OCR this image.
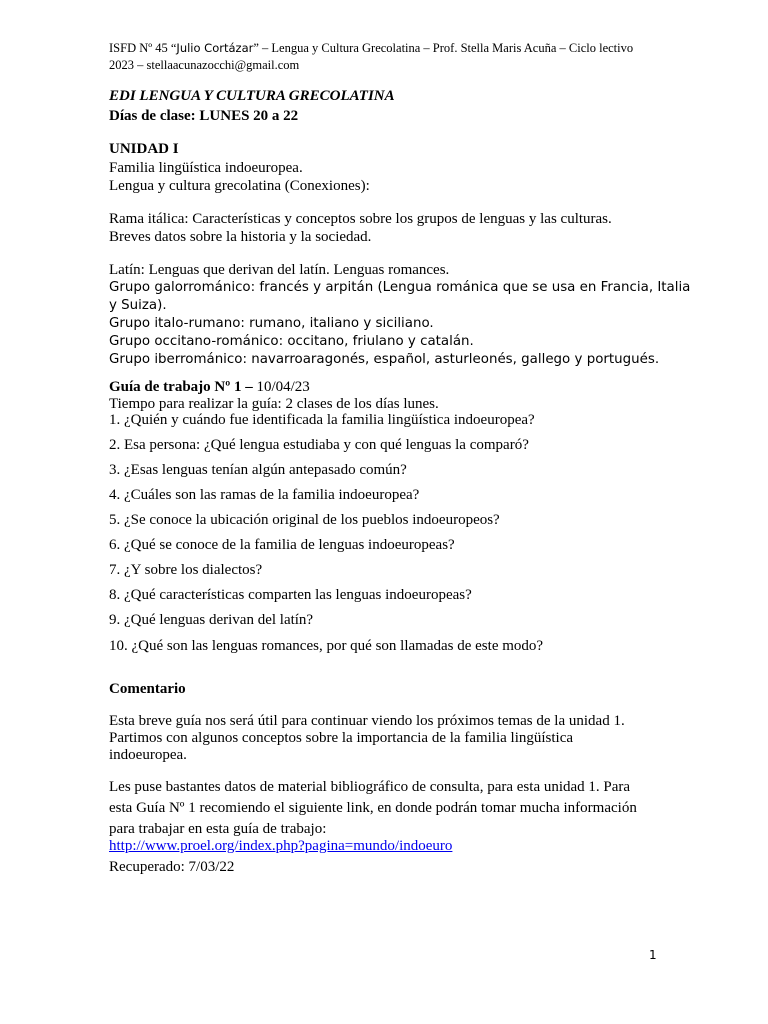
ISFD Nº 45 “Julio Cortázar” – Lengua y Cultura Grecolatina – Prof. Stella Maris Acuña – Ciclo lectivo
2023 – stellaacunazocchi@gmail.com
EDI LENGUA Y CULTURA GRECOLATINA
Días de clase: LUNES 20 a 22
UNIDAD I
Familia lingüística indoeuropea.
Lengua y cultura grecolatina (Conexiones):
Rama itálica: Características y conceptos sobre los grupos de lenguas y las culturas.
Breves datos sobre la historia y la sociedad.
Latín: Lenguas que derivan del latín. Lenguas romances.
Grupo galorrománico: francés y arpitán (Lengua románica que se usa en Francia, Italia
y Suiza).
Grupo italo-rumano: rumano, italiano y siciliano.
Grupo occitano-románico: occitano, friulano y catalán.
Grupo iberrománico: navarroaragonés, español, asturleonés, gallego y portugués.
Guía de trabajo Nº 1 – 10/04/23
Tiempo para realizar la guía: 2 clases de los días lunes.
1. ¿Quién y cuándo fue identificada la familia lingüística indoeuropea?
2. Esa persona: ¿Qué lengua estudiaba y con qué lenguas la comparó?
3. ¿Esas lenguas tenían algún antepasado común?
4. ¿Cuáles son las ramas de la familia indoeuropea?
5. ¿Se conoce la ubicación original de los pueblos indoeuropeos?
6. ¿Qué se conoce de la familia de lenguas indoeuropeas?
7. ¿Y sobre los dialectos?
8. ¿Qué características comparten las lenguas indoeuropeas?
9. ¿Qué lenguas derivan del latín?
10. ¿Qué son las lenguas romances, por qué son llamadas de este modo?
Comentario
Esta breve guía nos será útil para continuar viendo los próximos temas de la unidad 1.
Partimos con algunos conceptos sobre la importancia de la familia lingüística
indoeuropea.
Les puse bastantes datos de material bibliográfico de consulta, para esta unidad 1. Para
esta Guía Nº 1 recomiendo el siguiente link, en donde podrán tomar mucha información
para trabajar en esta guía de trabajo:
http://www.proel.org/index.php?pagina=mundo/indoeuro
Recuperado: 7/03/22
1
